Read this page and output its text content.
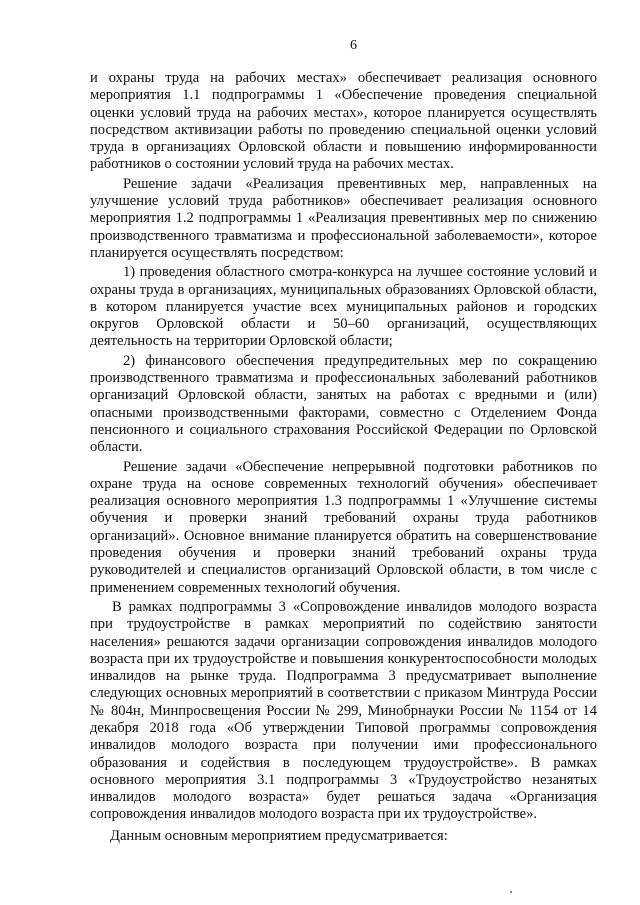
6

и охраны труда на рабочих местах» обеспечивает реализация основного мероприятия 1.1 подпрограммы 1 «Обеспечение проведения специальной оценки условий труда на рабочих местах», которое планируется осуществлять посредством активизации работы по проведению специальной оценки условий труда в организациях Орловской области и повышению информированности работников о состоянии условий труда на рабочих местах.

Решение задачи «Реализация превентивных мер, направленных на улучшение условий труда работников» обеспечивает реализация основного мероприятия 1.2 подпрограммы 1 «Реализация превентивных мер по снижению производственного травматизма и профессиональной заболеваемости», которое планируется осуществлять посредством:

1) проведения областного смотра-конкурса на лучшее состояние условий и охраны труда в организациях, муниципальных образованиях Орловской области, в котором планируется участие всех муниципальных районов и городских округов Орловской области и 50–60 организаций, осуществляющих деятельность на территории Орловской области;

2) финансового обеспечения предупредительных мер по сокращению производственного травматизма и профессиональных заболеваний работников организаций Орловской области, занятых на работах с вредными и (или) опасными производственными факторами, совместно с Отделением Фонда пенсионного и социального страхования Российской Федерации по Орловской области.

Решение задачи «Обеспечение непрерывной подготовки работников по охране труда на основе современных технологий обучения» обеспечивает реализация основного мероприятия 1.3 подпрограммы 1 «Улучшение системы обучения и проверки знаний требований охраны труда работников организаций». Основное внимание планируется обратить на совершенствование проведения обучения и проверки знаний требований охраны труда руководителей и специалистов организаций Орловской области, в том числе с применением современных технологий обучения.

В рамках подпрограммы 3 «Сопровождение инвалидов молодого возраста при трудоустройстве в рамках мероприятий по содействию занятости населения» решаются задачи организации сопровождения инвалидов молодого возраста при их трудоустройстве и повышения конкурентоспособности молодых инвалидов на рынке труда. Подпрограмма 3 предусматривает выполнение следующих основных мероприятий в соответствии с приказом Минтруда России № 804н, Минпросвещения России № 299, Минобрнауки России № 1154 от 14 декабря 2018 года «Об утверждении Типовой программы сопровождения инвалидов молодого возраста при получении ими профессионального образования и содействия в последующем трудоустройстве». В рамках основного мероприятия 3.1 подпрограммы 3 «Трудоустройство незанятых инвалидов молодого возраста» будет решаться задача «Организация сопровождения инвалидов молодого возраста при их трудоустройстве».

Данным основным мероприятием предусматривается:
